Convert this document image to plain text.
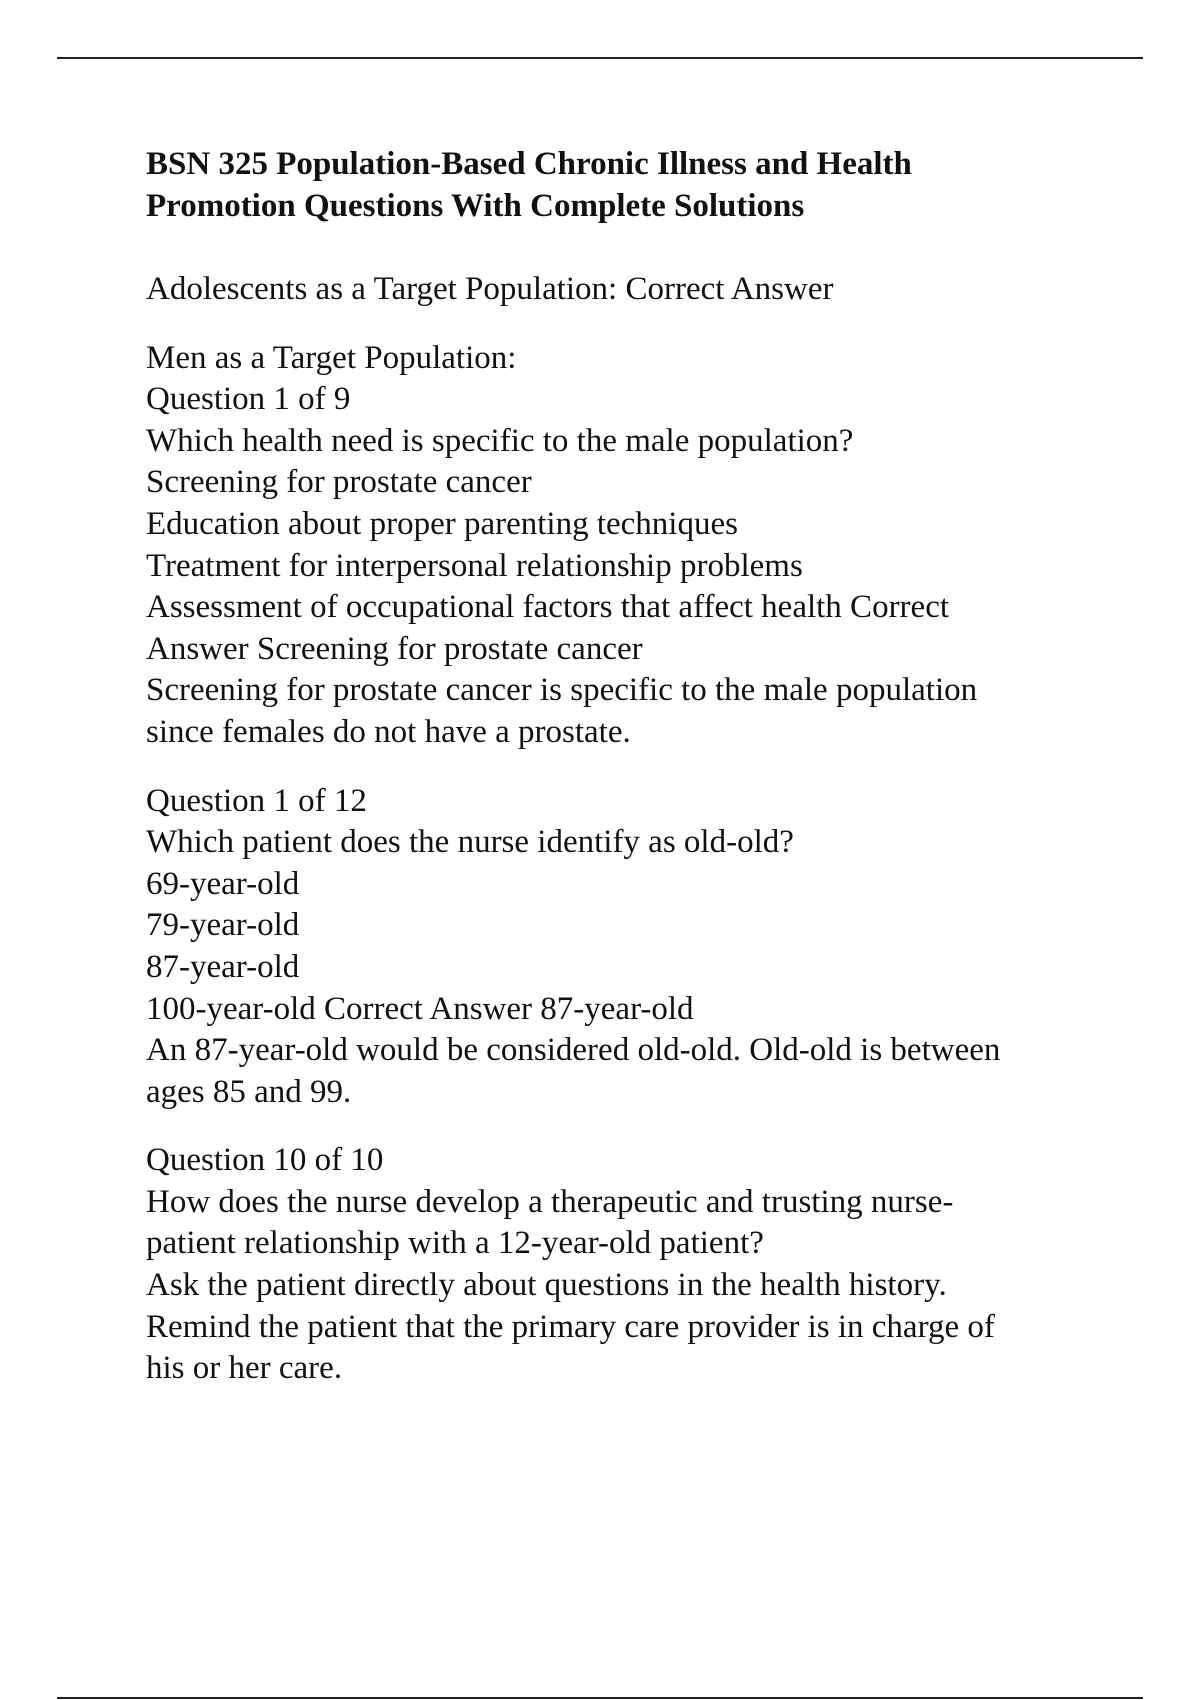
BSN 325 Population-Based Chronic Illness and Health
Promotion Questions With Complete Solutions

Adolescents as a Target Population: Correct Answer

Men as a Target Population:
Question 1 of 9
Which health need is specific to the male population?
Screening for prostate cancer
Education about proper parenting techniques
Treatment for interpersonal relationship problems
Assessment of occupational factors that affect health Correct
Answer Screening for prostate cancer
Screening for prostate cancer is specific to the male population
since females do not have a prostate.

Question 1 of 12
Which patient does the nurse identify as old-old?
69-year-old
79-year-old
87-year-old
100-year-old Correct Answer 87-year-old
An 87-year-old would be considered old-old. Old-old is between
ages 85 and 99.

Question 10 of 10
How does the nurse develop a therapeutic and trusting nurse-
patient relationship with a 12-year-old patient?
Ask the patient directly about questions in the health history.
Remind the patient that the primary care provider is in charge of
his or her care.
